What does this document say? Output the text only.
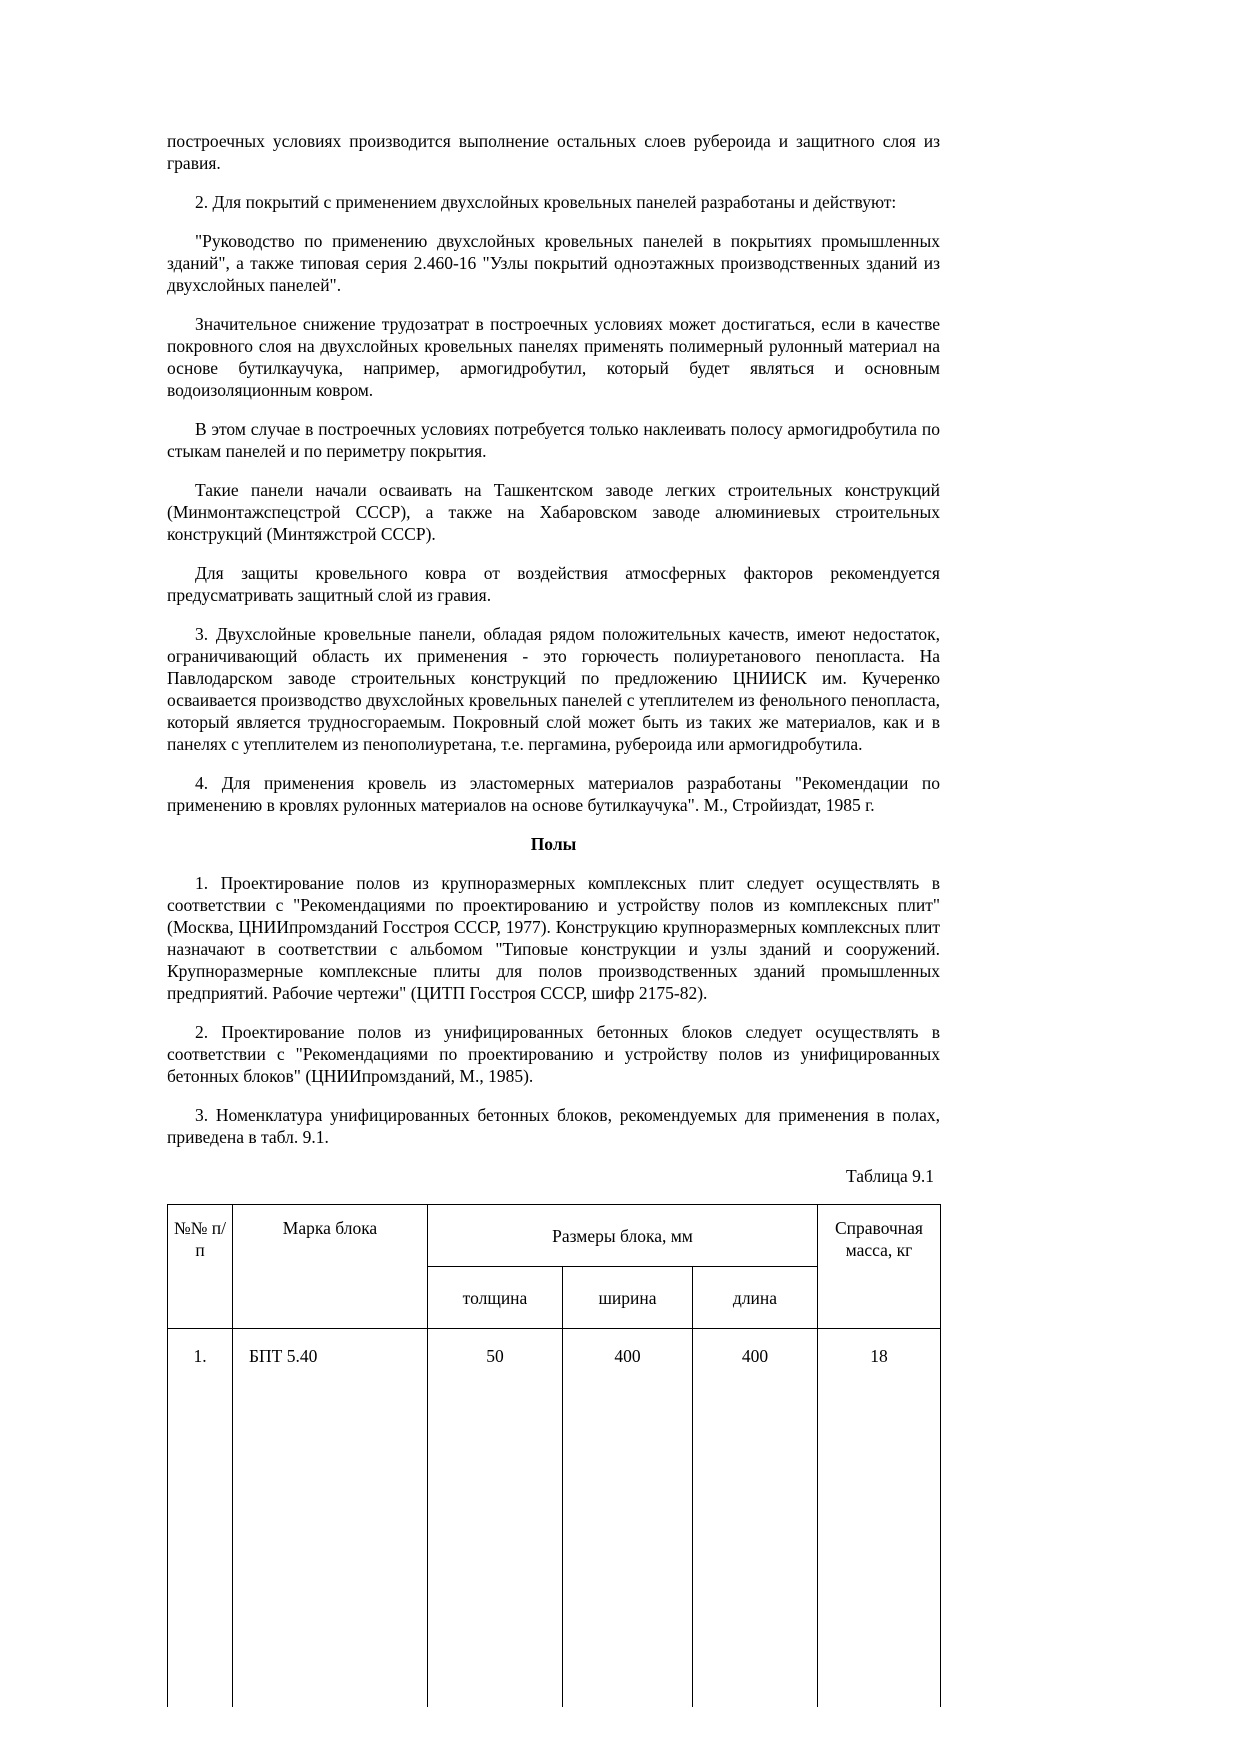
построечных условиях производится выполнение остальных слоев рубероида и защитного слоя из гравия.

2. Для покрытий с применением двухслойных кровельных панелей разработаны и действуют:

"Руководство по применению двухслойных кровельных панелей в покрытиях промышленных зданий", а также типовая серия 2.460-16 "Узлы покрытий одноэтажных производственных зданий из двухслойных панелей".

Значительное снижение трудозатрат в построечных условиях может достигаться, если в качестве покровного слоя на двухслойных кровельных панелях применять полимерный рулонный материал на основе бутилкаучука, например, армогидробутил, который будет являться и основным водоизоляционным ковром.

В этом случае в построечных условиях потребуется только наклеивать полосу армогидробутила по стыкам панелей и по периметру покрытия.

Такие панели начали осваивать на Ташкентском заводе легких строительных конструкций (Минмонтажспецстрой СССР), а также на Хабаровском заводе алюминиевых строительных конструкций (Минтяжстрой СССР).

Для защиты кровельного ковра от воздействия атмосферных факторов рекомендуется предусматривать защитный слой из гравия.

3. Двухслойные кровельные панели, обладая рядом положительных качеств, имеют недостаток, ограничивающий область их применения - это горючесть полиуретанового пенопласта. На Павлодарском заводе строительных конструкций по предложению ЦНИИСК им. Кучеренко осваивается производство двухслойных кровельных панелей с утеплителем из фенольного пенопласта, который является трудносгораемым. Покровный слой может быть из таких же материалов, как и в панелях с утеплителем из пенополиуретана, т.е. пергамина, рубероида или армогидробутила.

4. Для применения кровель из эластомерных материалов разработаны "Рекомендации по применению в кровлях рулонных материалов на основе бутилкаучука". М., Стройиздат, 1985 г.

Полы

1. Проектирование полов из крупноразмерных комплексных плит следует осуществлять в соответствии с "Рекомендациями по проектированию и устройству полов из комплексных плит" (Москва, ЦНИИпромзданий Госстроя СССР, 1977). Конструкцию крупноразмерных комплексных плит назначают в соответствии с альбомом "Типовые конструкции и узлы зданий и сооружений. Крупноразмерные комплексные плиты для полов производственных зданий промышленных предприятий. Рабочие чертежи" (ЦИТП Госстроя СССР, шифр 2175-82).

2. Проектирование полов из унифицированных бетонных блоков следует осуществлять в соответствии с "Рекомендациями по проектированию и устройству полов из унифицированных бетонных блоков" (ЦНИИпромзданий, М., 1985).

3. Номенклатура унифицированных бетонных блоков, рекомендуемых для применения в полах, приведена в табл. 9.1.

Таблица 9.1

№№ п/п	Марка блока	Размеры блока, мм			Справочная масса, кг
		толщина	ширина	длина	
1.	БПТ 5.40	50	400	400	18
